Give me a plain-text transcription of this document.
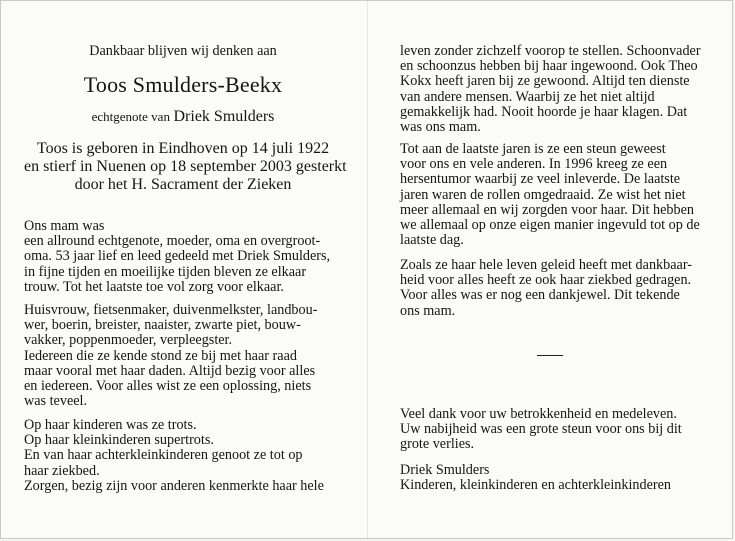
Dankbaar blijven wij denken aan
Toos Smulders-Beekx
echtgenote van Driek Smulders
Toos is geboren in Eindhoven op 14 juli 1922
en stierf in Nuenen op 18 september 2003 gesterkt
door het H. Sacrament der Zieken
Ons mam was
een allround echtgenote, moeder, oma en overgroot-
oma. 53 jaar lief en leed gedeeld met Driek Smulders,
in fijne tijden en moeilijke tijden bleven ze elkaar
trouw. Tot het laatste toe vol zorg voor elkaar.
Huisvrouw, fietsenmaker, duivenmelkster, landbou-
wer, boerin, breister, naaister, zwarte piet, bouw-
vakker, poppenmoeder, verpleegster.
Iedereen die ze kende stond ze bij met haar raad
maar vooral met haar daden. Altijd bezig voor alles
en iedereen. Voor alles wist ze een oplossing, niets
was teveel.
Op haar kinderen was ze trots.
Op haar kleinkinderen supertrots.
En van haar achterkleinkinderen genoot ze tot op
haar ziekbed.
Zorgen, bezig zijn voor anderen kenmerkte haar hele
leven zonder zichzelf voorop te stellen. Schoonvader
en schoonzus hebben bij haar ingewoond. Ook Theo
Kokx heeft jaren bij ze gewoond. Altijd ten dienste
van andere mensen. Waarbij ze het niet altijd
gemakkelijk had. Nooit hoorde je haar klagen. Dat
was ons mam.
Tot aan de laatste jaren is ze een steun geweest
voor ons en vele anderen. In 1996 kreeg ze een
hersentumor waarbij ze veel inleverde. De laatste
jaren waren de rollen omgedraaid. Ze wist het niet
meer allemaal en wij zorgden voor haar. Dit hebben
we allemaal op onze eigen manier ingevuld tot op de
laatste dag.
Zoals ze haar hele leven geleid heeft met dankbaar-
heid voor alles heeft ze ook haar ziekbed gedragen.
Voor alles was er nog een dankjewel. Dit tekende
ons mam.
Veel dank voor uw betrokkenheid en medeleven.
Uw nabijheid was een grote steun voor ons bij dit
grote verlies.
Driek Smulders
Kinderen, kleinkinderen en achterkleinkinderen
